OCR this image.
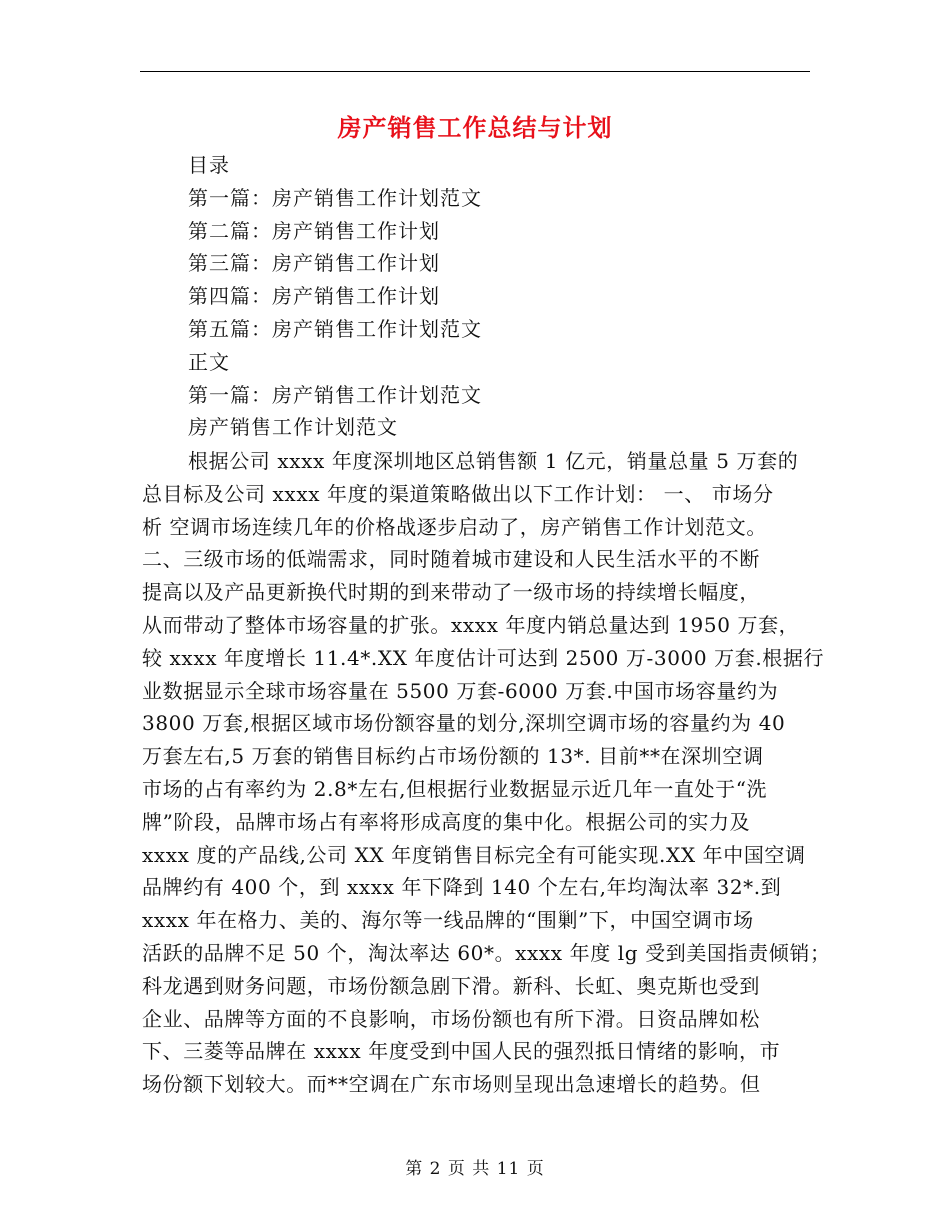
房产销售工作总结与计划
目录
第一篇：房产销售工作计划范文
第二篇：房产销售工作计划
第三篇：房产销售工作计划
第四篇：房产销售工作计划
第五篇：房产销售工作计划范文
正文
第一篇：房产销售工作计划范文
房产销售工作计划范文
根据公司 xxxx 年度深圳地区总销售额 1 亿元，销量总量 5 万套的
总目标及公司 xxxx 年度的渠道策略做出以下工作计划： 一、 市场分
析 空调市场连续几年的价格战逐步启动了，房产销售工作计划范文。
二、三级市场的低端需求，同时随着城市建设和人民生活水平的不断
提高以及产品更新换代时期的到来带动了一级市场的持续增长幅度，
从而带动了整体市场容量的扩张。xxxx 年度内销总量达到 1950 万套，
较 xxxx 年度增长 11.4*.XX 年度估计可达到 2500 万-3000 万套.根据行
业数据显示全球市场容量在 5500 万套-6000 万套.中国市场容量约为
3800 万套,根据区域市场份额容量的划分,深圳空调市场的容量约为 40
万套左右,5 万套的销售目标约占市场份额的 13*. 目前**在深圳空调
市场的占有率约为 2.8*左右,但根据行业数据显示近几年一直处于“洗
牌”阶段，品牌市场占有率将形成高度的集中化。根据公司的实力及
xxxx 度的产品线,公司 XX 年度销售目标完全有可能实现.XX 年中国空调
品牌约有 400 个，到 xxxx 年下降到 140 个左右,年均淘汰率 32*.到
xxxx 年在格力、美的、海尔等一线品牌的“围剿”下，中国空调市场
活跃的品牌不足 50 个，淘汰率达 60*。xxxx 年度 lg 受到美国指责倾销；
科龙遇到财务问题，市场份额急剧下滑。新科、长虹、奥克斯也受到
企业、品牌等方面的不良影响，市场份额也有所下滑。日资品牌如松
下、三菱等品牌在 xxxx 年度受到中国人民的强烈抵日情绪的影响，市
场份额下划较大。而**空调在广东市场则呈现出急速增长的趋势。但
第 2 页 共 11 页
